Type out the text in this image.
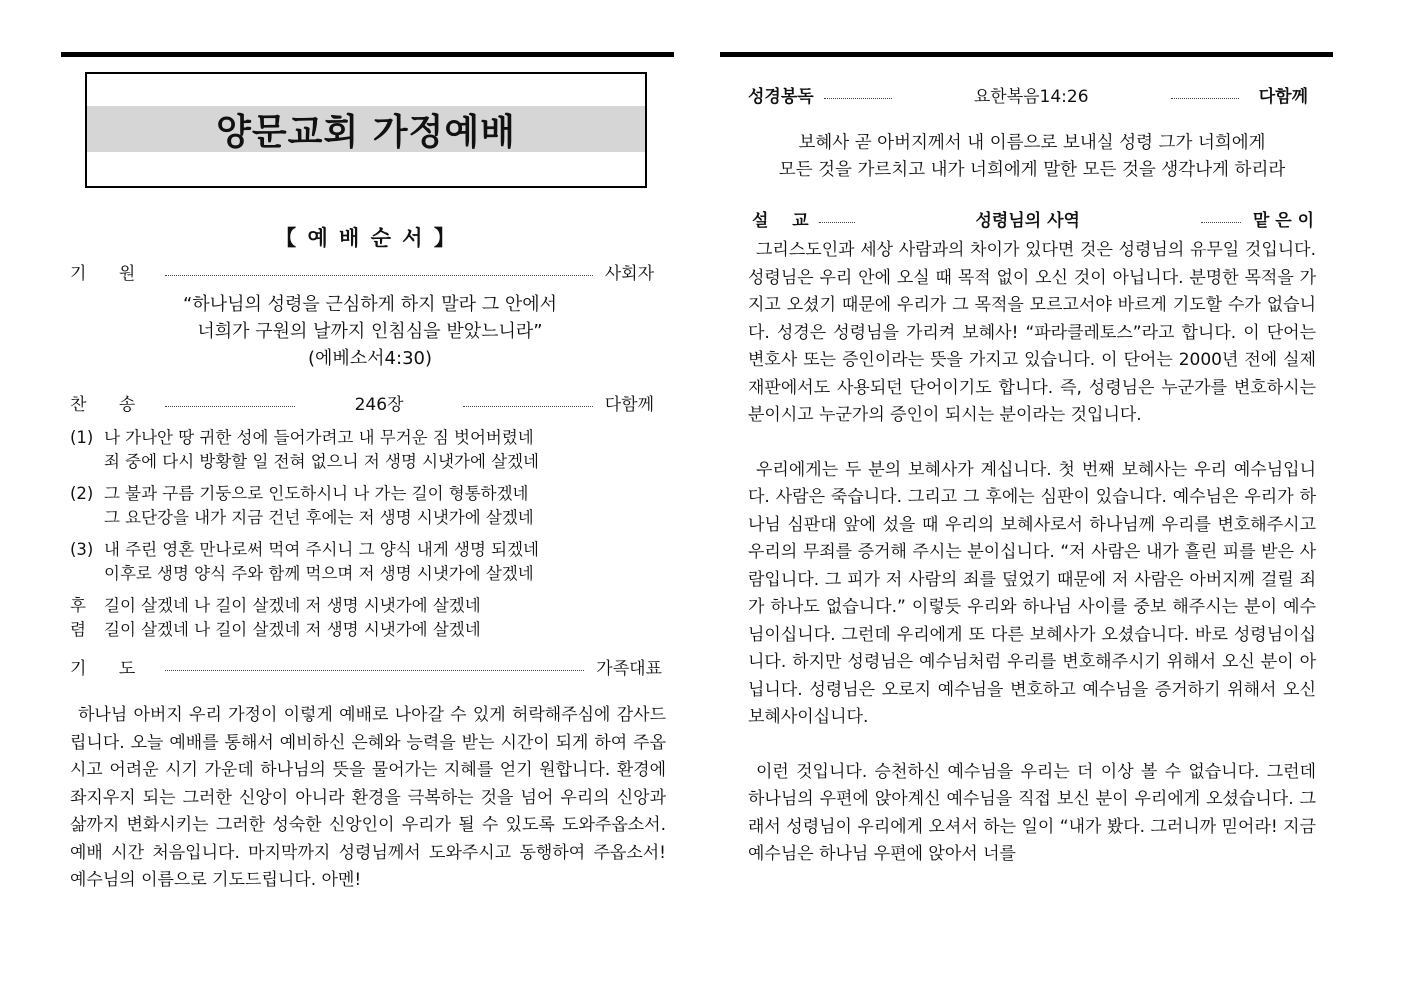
양문교회 가정예배
【 예 배 순 서 】
기      원	사회자
“하나님의 성령을 근심하게 하지 말라 그 안에서
너희가 구원의 날까지 인침심을 받았느니라”
(에베소서4:30)
찬      송	246장	다함께
(1) 나 가나안 땅 귀한 성에 들어가려고 내 무거운 짐 벗어버렸네
죄 중에 다시 방황할 일 전혀 없으니 저 생명 시냇가에 살겠네
(2) 그 불과 구름 기둥으로 인도하시니 나 가는 길이 형통하겠네
그 요단강을 내가 지금 건넌 후에는 저 생명 시냇가에 살겠네
(3) 내 주린 영혼 만나로써 먹여 주시니 그 양식 내게 생명 되겠네
이후로 생명 양식 주와 함께 먹으며 저 생명 시냇가에 살겠네
후
렴
길이 살겠네 나 길이 살겠네 저 생명 시냇가에 살겠네
길이 살겠네 나 길이 살겠네 저 생명 시냇가에 살겠네
기      도	가족대표

하나님 아버지 우리 가정이 이렇게 예배로 나아갈 수 있게 허락해주심에 감사드립니다. 오늘 예배를 통해서 예비하신 은혜와 능력을 받는 시간이 되게 하여 주옵시고 어려운 시기 가운데 하나님의 뜻을 물어가는 지혜를 얻기 원합니다. 환경에 좌지우지 되는 그러한 신앙이 아니라 환경을 극복하는 것을 넘어 우리의 신앙과 삶까지 변화시키는 그러한 성숙한 신앙인이 우리가 될 수 있도록 도와주옵소서. 예배 시간 처음입니다. 마지막까지 성령님께서 도와주시고 동행하여 주옵소서! 예수님의 이름으로 기도드립니다. 아멘!

성경봉독	요한복음14:26	다함께
보혜사 곧 아버지께서 내 이름으로 보내실 성령 그가 너희에게
모든 것을 가르치고 내가 너희에게 말한 모든 것을 생각나게 하리라
설    교	성령님의 사역	맡 은 이

그리스도인과 세상 사람과의 차이가 있다면 것은 성령님의 유무일 것입니다. 성령님은 우리 안에 오실 때 목적 없이 오신 것이 아닙니다. 분명한 목적을 가지고 오셨기 때문에 우리가 그 목적을 모르고서야 바르게 기도할 수가 없습니다. 성경은 성령님을 가리켜 보혜사! “파라클레토스”라고 합니다. 이 단어는 변호사 또는 증인이라는 뜻을 가지고 있습니다. 이 단어는 2000년 전에 실제 재판에서도 사용되던 단어이기도 합니다. 즉, 성령님은 누군가를 변호하시는 분이시고 누군가의 증인이 되시는 분이라는 것입니다.

우리에게는 두 분의 보혜사가 계십니다. 첫 번째 보혜사는 우리 예수님입니다. 사람은 죽습니다. 그리고 그 후에는 심판이 있습니다. 예수님은 우리가 하나님 심판대 앞에 섰을 때 우리의 보혜사로서 하나님께 우리를 변호해주시고 우리의 무죄를 증거해 주시는 분이십니다. “저 사람은 내가 흘린 피를 받은 사람입니다. 그 피가 저 사람의 죄를 덮었기 때문에 저 사람은 아버지께 걸릴 죄가 하나도 없습니다.” 이렇듯 우리와 하나님 사이를 중보 해주시는 분이 예수님이십니다. 그런데 우리에게 또 다른 보혜사가 오셨습니다. 바로 성령님이십니다. 하지만 성령님은 예수님처럼 우리를 변호해주시기 위해서 오신 분이 아닙니다. 성령님은 오로지 예수님을 변호하고 예수님을 증거하기 위해서 오신 보혜사이십니다.

이런 것입니다. 승천하신 예수님을 우리는 더 이상 볼 수 없습니다. 그런데 하나님의 우편에 앉아계신 예수님을 직접 보신 분이 우리에게 오셨습니다. 그래서 성령님이 우리에게 오셔서 하는 일이 “내가 봤다. 그러니까 믿어라! 지금 예수님은 하나님 우편에 앉아서 너를
